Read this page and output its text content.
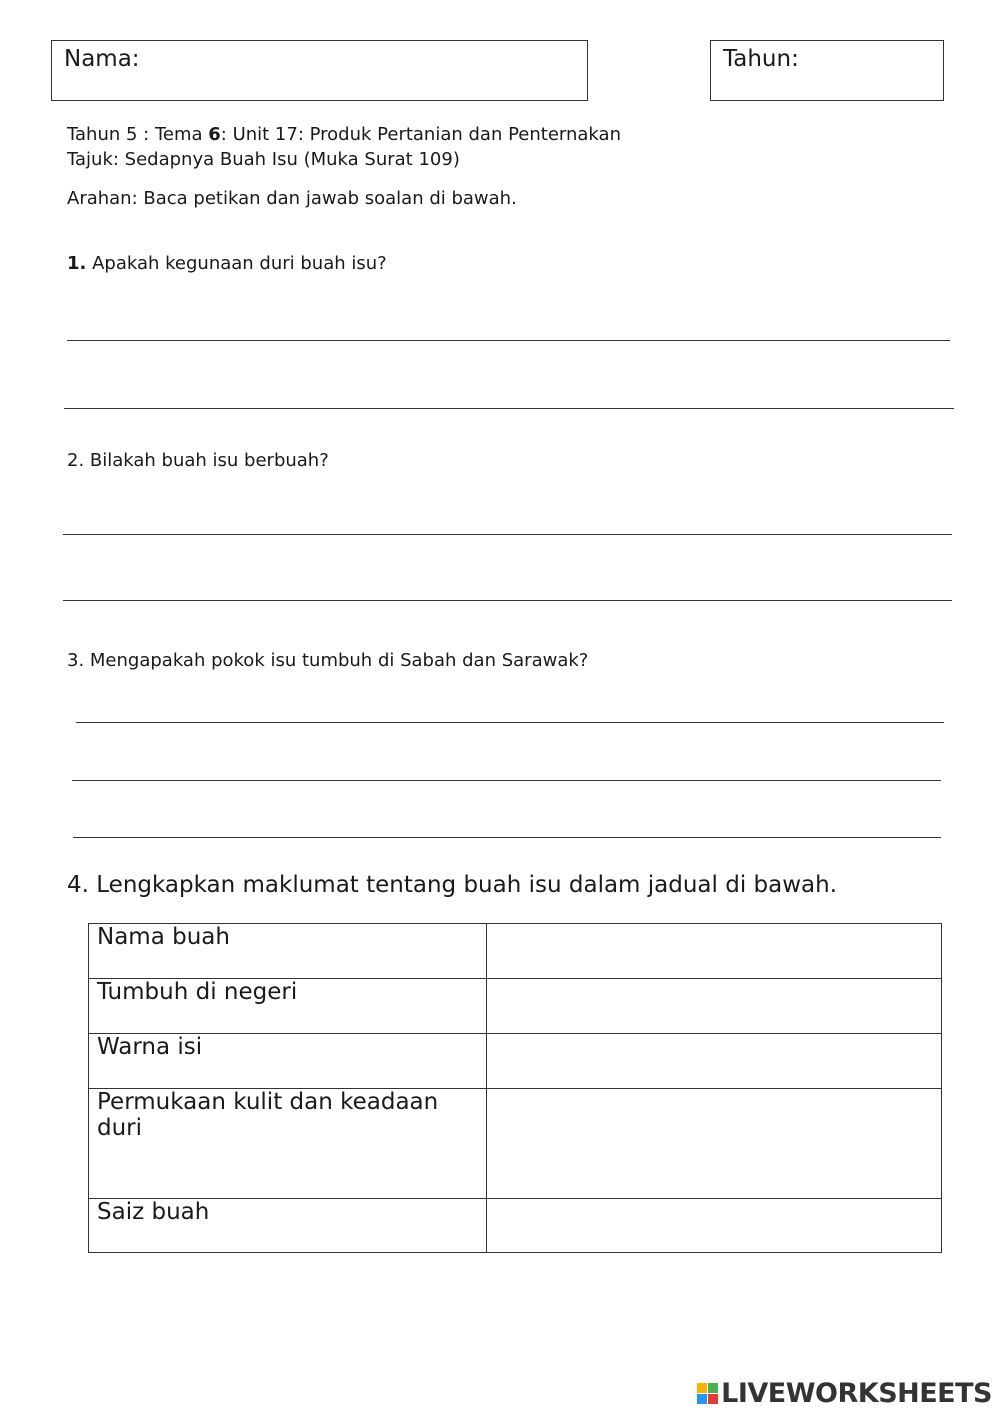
Nama:	Tahun:
Tahun 5 : Tema 6: Unit 17: Produk Pertanian dan Penternakan
Tajuk: Sedapnya Buah Isu (Muka Surat 109)
Arahan: Baca petikan dan jawab soalan di bawah.
1. Apakah kegunaan duri buah isu?
2. Bilakah buah isu berbuah?
3. Mengapakah pokok isu tumbuh di Sabah dan Sarawak?
4. Lengkapkan maklumat tentang buah isu dalam jadual di bawah.
Nama buah	
Tumbuh di negeri	
Warna isi	
Permukaan kulit dan keadaan duri	
Saiz buah	
LIVEWORKSHEETS
